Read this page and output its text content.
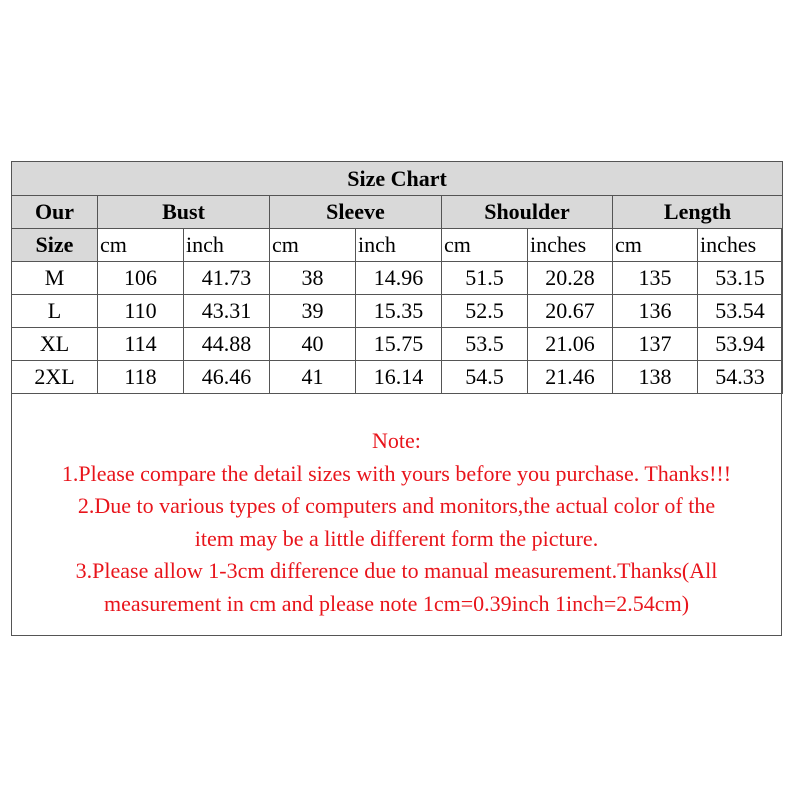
Size Chart								
Our	Bust		Sleeve		Shoulder		Length	
Size	cm	inch	cm	inch	cm	inches	cm	inches
M	106	41.73	38	14.96	51.5	20.28	135	53.15
L	110	43.31	39	15.35	52.5	20.67	136	53.54
XL	114	44.88	40	15.75	53.5	21.06	137	53.94
2XL	118	46.46	41	16.14	54.5	21.46	138	54.33
Note:
1.Please compare the detail sizes with yours before you purchase. Thanks!!!
2.Due to various types of computers and monitors,the actual color of the
item may be a little different form the picture.
3.Please allow 1-3cm difference due to manual measurement.Thanks(All
measurement in cm and please note 1cm=0.39inch 1inch=2.54cm)
